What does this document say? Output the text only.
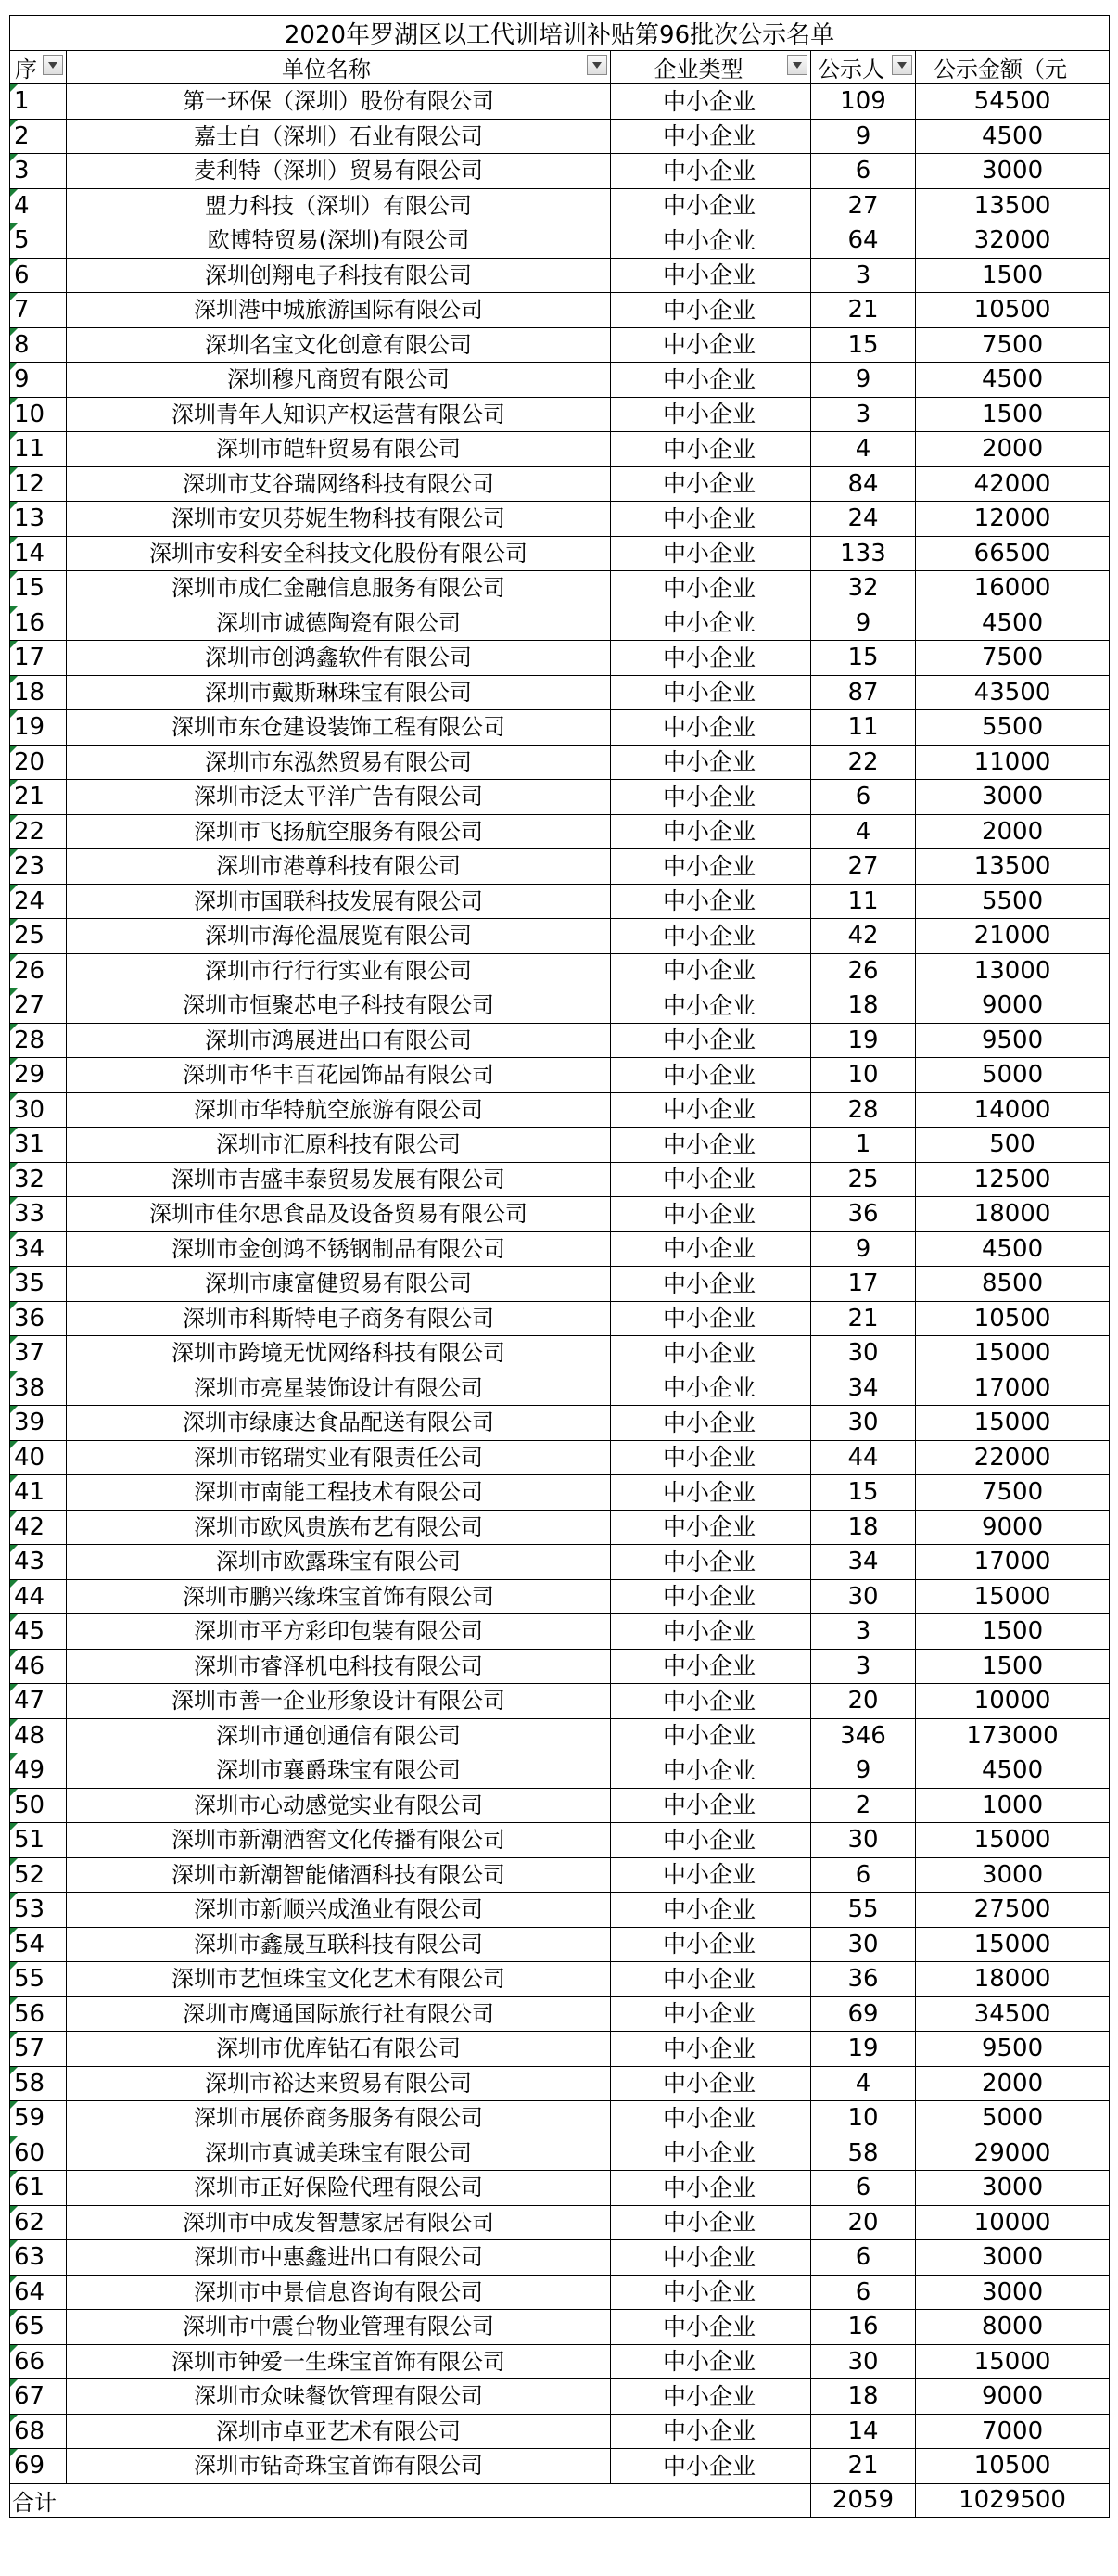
2020年罗湖区以工代训培训补贴第96批次公示名单				
序	单位名称	企业类型	公示人	公示金额（元
1	第一环保（深圳）股份有限公司	中小企业	109	54500
2	嘉士白（深圳）石业有限公司	中小企业	9	4500
3	麦利特（深圳）贸易有限公司	中小企业	6	3000
4	盟力科技（深圳）有限公司	中小企业	27	13500
5	欧博特贸易(深圳)有限公司	中小企业	64	32000
6	深圳创翔电子科技有限公司	中小企业	3	1500
7	深圳港中城旅游国际有限公司	中小企业	21	10500
8	深圳名宝文化创意有限公司	中小企业	15	7500
9	深圳穆凡商贸有限公司	中小企业	9	4500
10	深圳青年人知识产权运营有限公司	中小企业	3	1500
11	深圳市皑轩贸易有限公司	中小企业	4	2000
12	深圳市艾谷瑞网络科技有限公司	中小企业	84	42000
13	深圳市安贝芬妮生物科技有限公司	中小企业	24	12000
14	深圳市安科安全科技文化股份有限公司	中小企业	133	66500
15	深圳市成仁金融信息服务有限公司	中小企业	32	16000
16	深圳市诚德陶瓷有限公司	中小企业	9	4500
17	深圳市创鸿鑫软件有限公司	中小企业	15	7500
18	深圳市戴斯琳珠宝有限公司	中小企业	87	43500
19	深圳市东仓建设装饰工程有限公司	中小企业	11	5500
20	深圳市东泓然贸易有限公司	中小企业	22	11000
21	深圳市泛太平洋广告有限公司	中小企业	6	3000
22	深圳市飞扬航空服务有限公司	中小企业	4	2000
23	深圳市港尊科技有限公司	中小企业	27	13500
24	深圳市国联科技发展有限公司	中小企业	11	5500
25	深圳市海伦温展览有限公司	中小企业	42	21000
26	深圳市行行行实业有限公司	中小企业	26	13000
27	深圳市恒聚芯电子科技有限公司	中小企业	18	9000
28	深圳市鸿展进出口有限公司	中小企业	19	9500
29	深圳市华丰百花园饰品有限公司	中小企业	10	5000
30	深圳市华特航空旅游有限公司	中小企业	28	14000
31	深圳市汇原科技有限公司	中小企业	1	500
32	深圳市吉盛丰泰贸易发展有限公司	中小企业	25	12500
33	深圳市佳尔思食品及设备贸易有限公司	中小企业	36	18000
34	深圳市金创鸿不锈钢制品有限公司	中小企业	9	4500
35	深圳市康富健贸易有限公司	中小企业	17	8500
36	深圳市科斯特电子商务有限公司	中小企业	21	10500
37	深圳市跨境无忧网络科技有限公司	中小企业	30	15000
38	深圳市亮星装饰设计有限公司	中小企业	34	17000
39	深圳市绿康达食品配送有限公司	中小企业	30	15000
40	深圳市铭瑞实业有限责任公司	中小企业	44	22000
41	深圳市南能工程技术有限公司	中小企业	15	7500
42	深圳市欧风贵族布艺有限公司	中小企业	18	9000
43	深圳市欧露珠宝有限公司	中小企业	34	17000
44	深圳市鹏兴缘珠宝首饰有限公司	中小企业	30	15000
45	深圳市平方彩印包装有限公司	中小企业	3	1500
46	深圳市睿泽机电科技有限公司	中小企业	3	1500
47	深圳市善一企业形象设计有限公司	中小企业	20	10000
48	深圳市通创通信有限公司	中小企业	346	173000
49	深圳市襄爵珠宝有限公司	中小企业	9	4500
50	深圳市心动感觉实业有限公司	中小企业	2	1000
51	深圳市新潮酒窖文化传播有限公司	中小企业	30	15000
52	深圳市新潮智能储酒科技有限公司	中小企业	6	3000
53	深圳市新顺兴成渔业有限公司	中小企业	55	27500
54	深圳市鑫晟互联科技有限公司	中小企业	30	15000
55	深圳市艺恒珠宝文化艺术有限公司	中小企业	36	18000
56	深圳市鹰通国际旅行社有限公司	中小企业	69	34500
57	深圳市优库钻石有限公司	中小企业	19	9500
58	深圳市裕达来贸易有限公司	中小企业	4	2000
59	深圳市展侨商务服务有限公司	中小企业	10	5000
60	深圳市真诚美珠宝有限公司	中小企业	58	29000
61	深圳市正好保险代理有限公司	中小企业	6	3000
62	深圳市中成发智慧家居有限公司	中小企业	20	10000
63	深圳市中惠鑫进出口有限公司	中小企业	6	3000
64	深圳市中景信息咨询有限公司	中小企业	6	3000
65	深圳市中震台物业管理有限公司	中小企业	16	8000
66	深圳市钟爱一生珠宝首饰有限公司	中小企业	30	15000
67	深圳市众味餐饮管理有限公司	中小企业	18	9000
68	深圳市卓亚艺术有限公司	中小企业	14	7000
69	深圳市钻奇珠宝首饰有限公司	中小企业	21	10500
合计			2059	1029500
